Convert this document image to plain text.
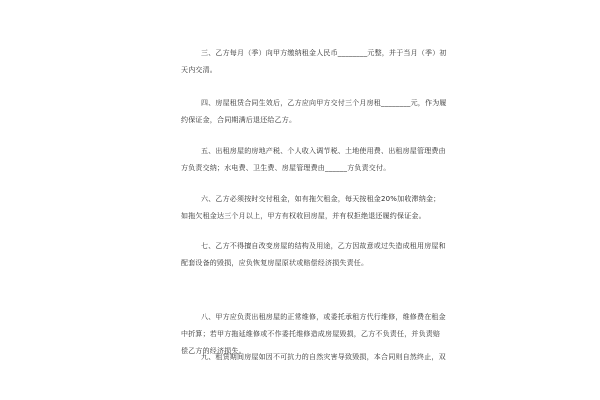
三、乙方每月（季）向甲方缴纳租金人民币________元整，并于当月（季）初
天内交清。
四、房屋租赁合同生效后，乙方应向甲方交付三个月房租________元，作为履
约保证金，合同期满后退还给乙方。
五、出租房屋的房地产税、个人收入调节税、土地使用费、出租房屋管理费由
方负责交纳；水电费、卫生费、房屋管理费由______方负责交付。
六、乙方必须按时交付租金，如有拖欠租金，每天按租金20%加收滞纳金；
如拖欠租金达三个月以上，甲方有权收回房屋，并有权拒绝退还履约保证金。
七、乙方不得擅自改变房屋的结构及用途，乙方因故意或过失造成租用房屋和
配套设备的毁损，应负恢复房屋原状或赔偿经济损失责任。
八、甲方应负责出租房屋的正常维修，或委托承租方代行维修，维修费在租金
中折算；若甲方拖延维修或不作委托维修造成房屋毁损，乙方不负责任，并负责赔
偿乙方的经济损失。
九、租赁期间房屋如因不可抗力的自然灾害导致毁损，本合同则自然终止，双
